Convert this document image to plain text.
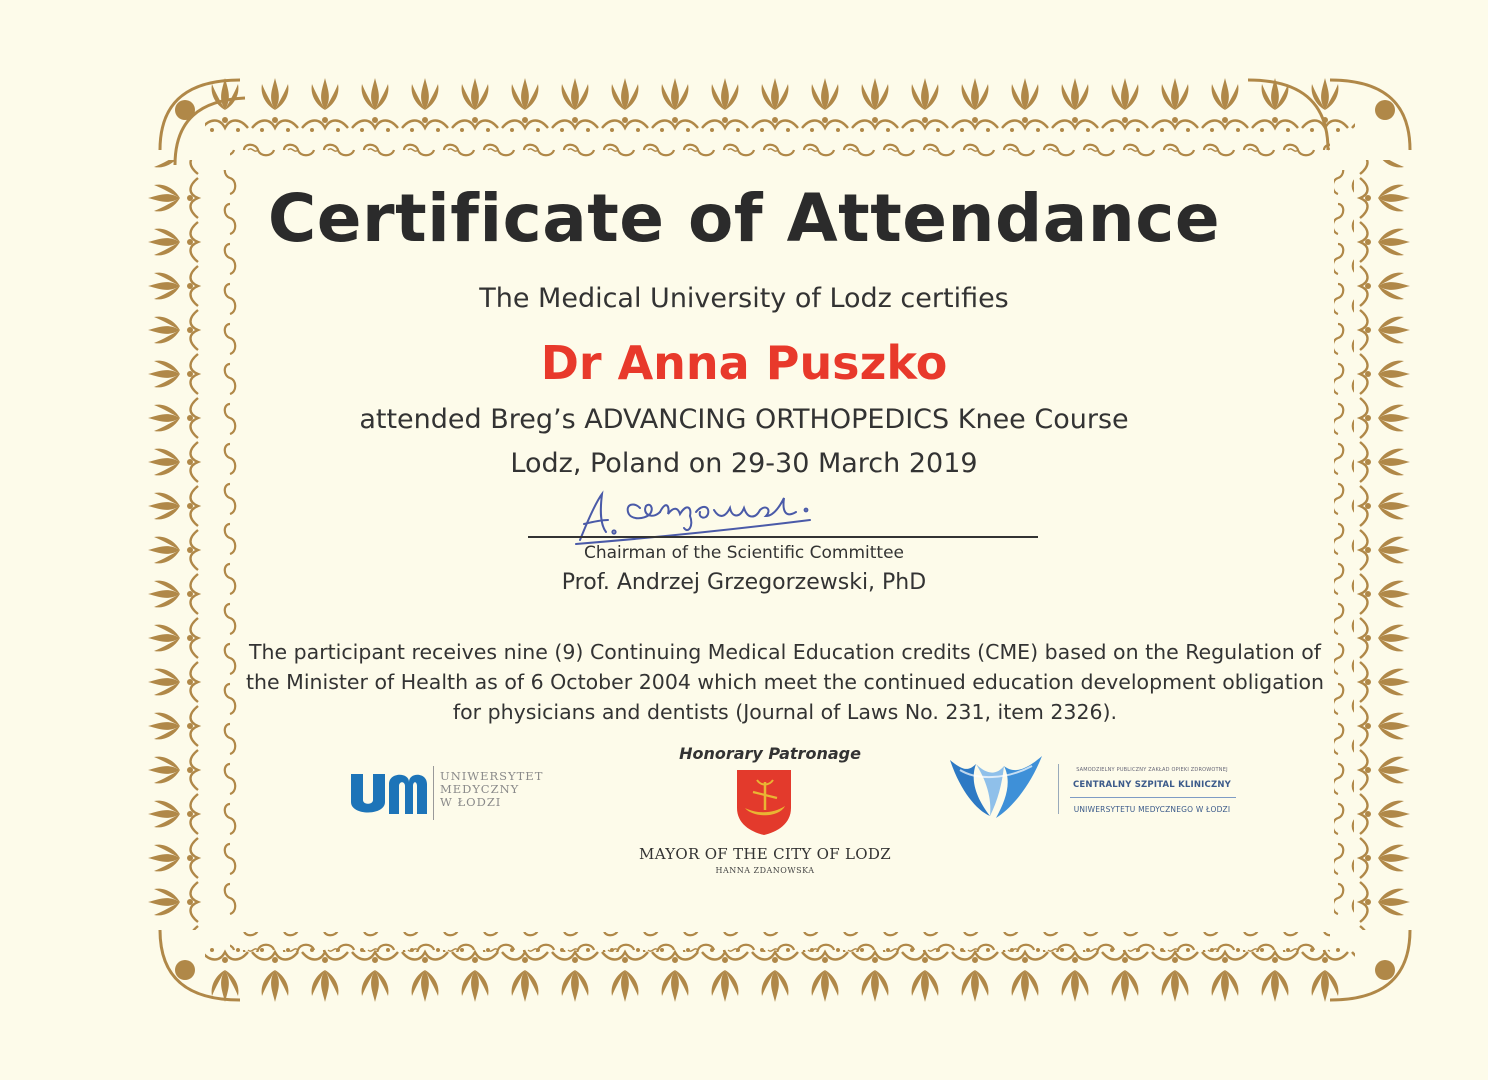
Certificate of Attendance
The Medical University of Lodz certifies
Dr Anna Puszko
attended Breg’s ADVANCING ORTHOPEDICS Knee Course
Lodz, Poland on 29-30 March 2019
Chairman of the Scientific Committee
Prof. Andrzej Grzegorzewski, PhD
The participant receives nine (9) Continuing Medical Education credits (CME) based on the Regulation of
the Minister of Health as of 6 October 2004 which meet the continued education development obligation
for physicians and dentists (Journal of Laws No. 231, item 2326).
UNIWERSYTET
MEDYCZNY
W ŁODZI
Honorary Patronage
MAYOR OF THE CITY OF LODZ
HANNA ZDANOWSKA
SAMODZIELNY PUBLICZNY ZAKŁAD OPIEKI ZDROWOTNEJ
CENTRALNY SZPITAL KLINICZNY
UNIWERSYTETU MEDYCZNEGO W ŁODZI
